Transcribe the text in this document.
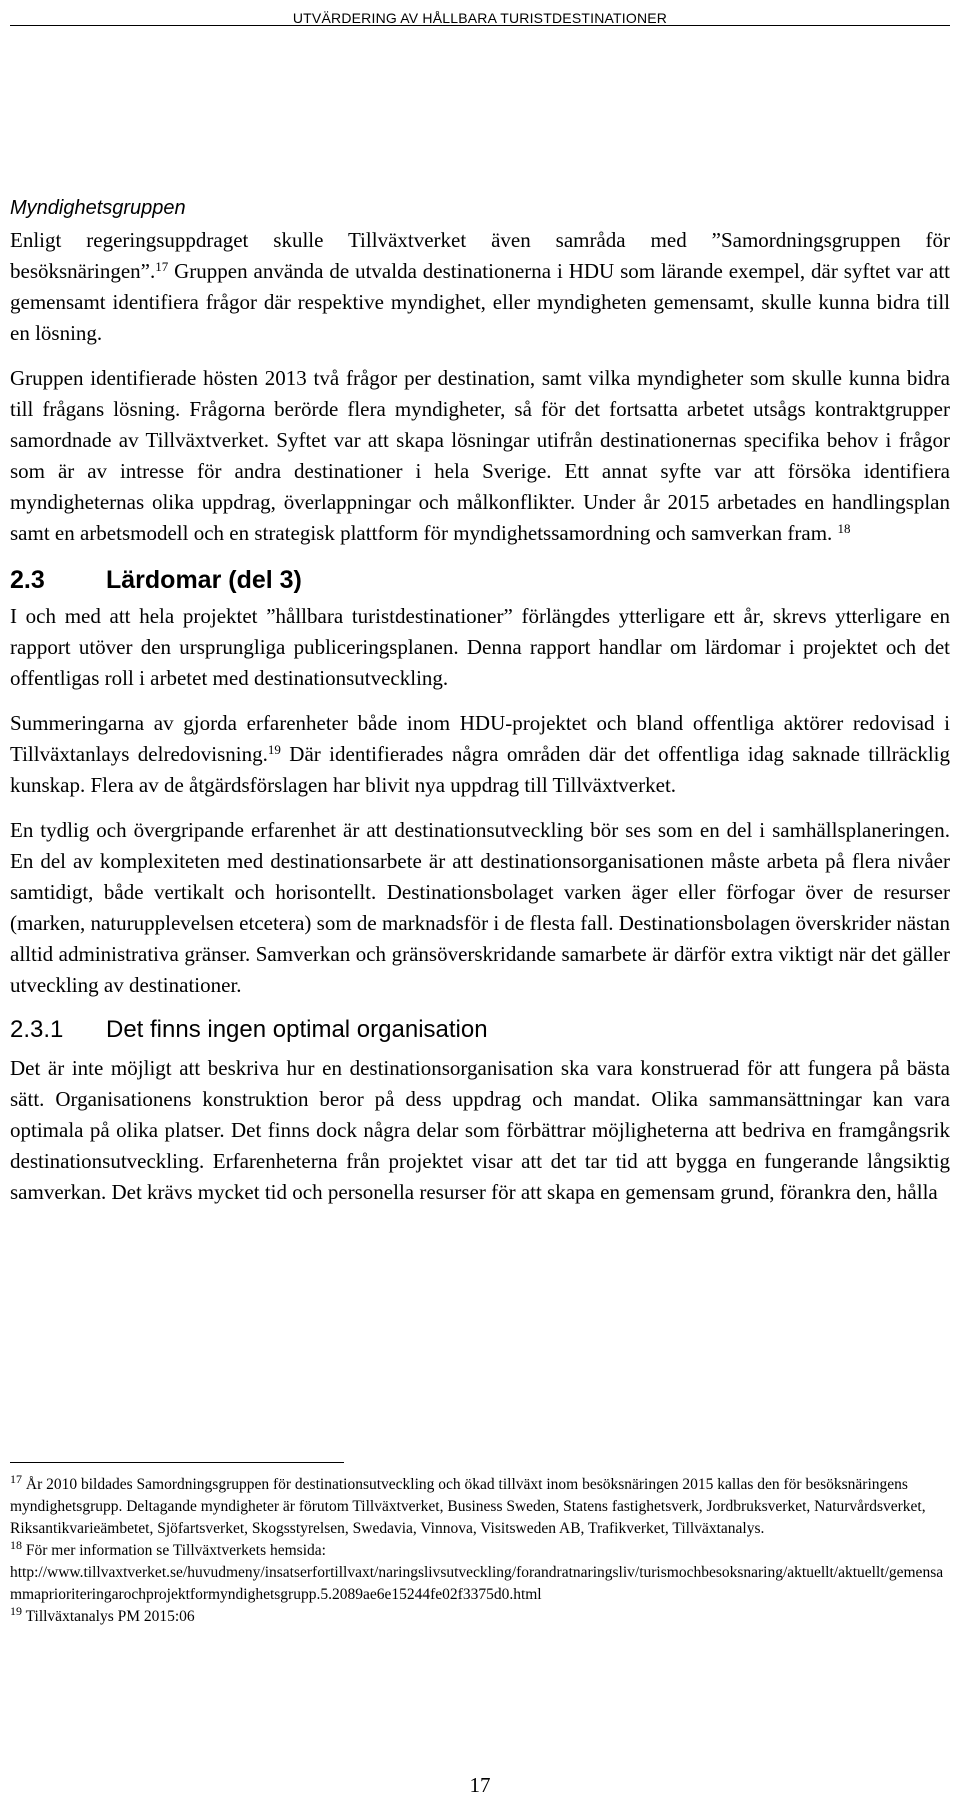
UTVÄRDERING AV HÅLLBARA TURISTDESTINATIONER
Myndighetsgruppen

Enligt regeringsuppdraget skulle Tillväxtverket även samråda med ”Samordningsgruppen för besöksnäringen”.$^{17}$ Gruppen använda de utvalda destinationerna i HDU som lärande exempel, där syftet var att gemensamt identifiera frågor där respektive myndighet, eller myndigheten gemensamt, skulle kunna bidra till en lösning.

Gruppen identifierade hösten 2013 två frågor per destination, samt vilka myndigheter som skulle kunna bidra till frågans lösning. Frågorna berörde flera myndigheter, så för det fortsatta arbetet utsågs kontraktgrupper samordnade av Tillväxtverket. Syftet var att skapa lösningar utifrån destinationernas specifika behov i frågor som är av intresse för andra destinationer i hela Sverige. Ett annat syfte var att försöka identifiera myndigheternas olika uppdrag, överlappningar och målkonflikter. Under år 2015 arbetades en handlingsplan samt en arbetsmodell och en strategisk plattform för myndighetssamordning och samverkan fram. $^{18}$

2.3 Lärdomar (del 3)

I och med att hela projektet ”hållbara turistdestinationer” förlängdes ytterligare ett år, skrevs ytterligare en rapport utöver den ursprungliga publiceringsplanen. Denna rapport handlar om lärdomar i projektet och det offentligas roll i arbetet med destinationsutveckling.

Summeringarna av gjorda erfarenheter både inom HDU-projektet och bland offentliga aktörer redovisad i Tillväxtanlays delredovisning.$^{19}$ Där identifierades några områden där det offentliga idag saknade tillräcklig kunskap. Flera av de åtgärdsförslagen har blivit nya uppdrag till Tillväxtverket.

En tydlig och övergripande erfarenhet är att destinationsutveckling bör ses som en del i samhällsplaneringen. En del av komplexiteten med destinationsarbete är att destinationsorganisationen måste arbeta på flera nivåer samtidigt, både vertikalt och horisontellt. Destinationsbolaget varken äger eller förfogar över de resurser (marken, naturupplevelsen etcetera) som de marknadsför i de flesta fall. Destinationsbolagen överskrider nästan alltid administrativa gränser. Samverkan och gränsöverskridande samarbete är därför extra viktigt när det gäller utveckling av destinationer.

2.3.1 Det finns ingen optimal organisation

Det är inte möjligt att beskriva hur en destinationsorganisation ska vara konstruerad för att fungera på bästa sätt. Organisationens konstruktion beror på dess uppdrag och mandat. Olika sammansättningar kan vara optimala på olika platser. Det finns dock några delar som förbättrar möjligheterna att bedriva en framgångsrik destinationsutveckling. Erfarenheterna från projektet visar att det tar tid att bygga en fungerande långsiktig samverkan. Det krävs mycket tid och personella resurser för att skapa en gemensam grund, förankra den, hålla

$^{17}$ År 2010 bildades Samordningsgruppen för destinationsutveckling och ökad tillväxt inom besöksnäringen 2015 kallas den för besöksnäringens myndighetsgrupp. Deltagande myndigheter är förutom Tillväxtverket, Business Sweden, Statens fastighetsverk, Jordbruksverket, Naturvårdsverket, Riksantikvarieämbetet, Sjöfartsverket, Skogsstyrelsen, Swedavia, Vinnova, Visitsweden AB, Trafikverket, Tillväxtanalys.
$^{18}$ För mer information se Tillväxtverkets hemsida:
http://www.tillvaxtverket.se/huvudmeny/insatserfortillvaxt/naringslivsutveckling/forandratnaringsliv/turismochbesoksnaring/aktuellt/aktuellt/gemensammaprioriteringarochprojektformyndighetsgrupp.5.2089ae6e15244fe02f3375d0.html
$^{19}$ Tillväxtanalys PM 2015:06
17
